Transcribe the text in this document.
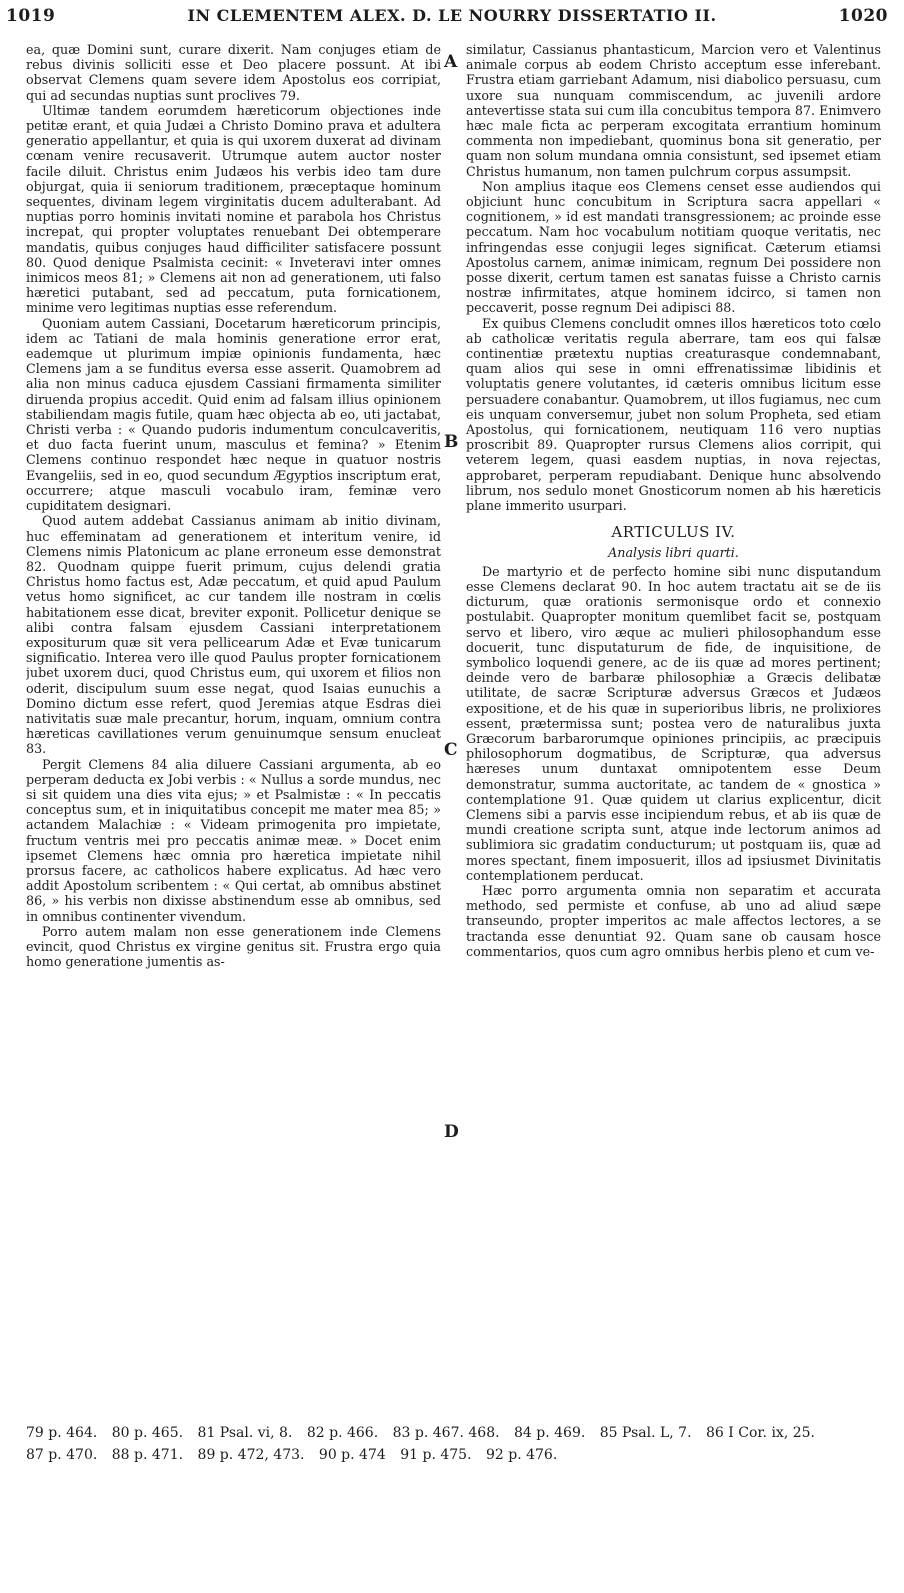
1019	IN CLEMENTEM ALEX. D. LE NOURRY DISSERTATIO II.	1020
A
B
C
D

ea, quæ Domini sunt, curare dixerit. Nam conjuges etiam de rebus divinis solliciti esse et Deo placere possunt. At ibi observat Clemens quam severe idem Apostolus eos corripiat, qui ad secundas nuptias sunt proclives 79.

Ultimæ tandem eorumdem hæreticorum objectiones inde petitæ erant, et quia Judæi a Christo Domino prava et adultera generatio appellantur, et quia is qui uxorem duxerat ad divinam cœnam venire recusaverit. Utrumque autem auctor noster facile diluit. Christus enim Judæos his verbis ideo tam dure objurgat, quia ii seniorum traditionem, præceptaque hominum sequentes, divinam legem virginitatis ducem adulterabant. Ad nuptias porro hominis invitati nomine et parabola hos Christus increpat, qui propter voluptates renuebant Dei obtemperare mandatis, quibus conjuges haud difficiliter satisfacere possunt 80. Quod denique Psalmista cecinit: « Inveteravi inter omnes inimicos meos 81; » Clemens ait non ad generationem, uti falso hæretici putabant, sed ad peccatum, puta fornicationem, minime vero legitimas nuptias esse referendum.

Quoniam autem Cassiani, Docetarum hæreticorum principis, idem ac Tatiani de mala hominis generatione error erat, eademque ut plurimum impiæ opinionis fundamenta, hæc Clemens jam a se funditus eversa esse asserit. Quamobrem ad alia non minus caduca ejusdem Cassiani firmamenta similiter diruenda propius accedit. Quid enim ad falsam illius opinionem stabiliendam magis futile, quam hæc objecta ab eo, uti jactabat, Christi verba : « Quando pudoris indumentum conculcaveritis, et duo facta fuerint unum, masculus et femina? » Etenim Clemens continuo respondet hæc neque in quatuor nostris Evangeliis, sed in eo, quod secundum Ægyptios inscriptum erat, occurrere; atque masculi vocabulo iram, feminæ vero cupiditatem designari.

Quod autem addebat Cassianus animam ab initio divinam, huc effeminatam ad generationem et interitum venire, id Clemens nimis Platonicum ac plane erroneum esse demonstrat 82. Quodnam quippe fuerit primum, cujus delendi gratia Christus homo factus est, Adæ peccatum, et quid apud Paulum vetus homo significet, ac cur tandem ille nostram in cœlis habitationem esse dicat, breviter exponit. Pollicetur denique se alibi contra falsam ejusdem Cassiani interpretationem expositurum quæ sit vera pellicearum Adæ et Evæ tunicarum significatio. Interea vero ille quod Paulus propter fornicationem jubet uxorem duci, quod Christus eum, qui uxorem et filios non oderit, discipulum suum esse negat, quod Isaias eunuchis a Domino dictum esse refert, quod Jeremias atque Esdras diei nativitatis suæ male precantur, horum, inquam, omnium contra hæreticas cavillationes verum genuinumque sensum enucleat 83.

Pergit Clemens 84 alia diluere Cassiani argumenta, ab eo perperam deducta ex Jobi verbis : « Nullus a sorde mundus, nec si sit quidem una dies vita ejus; » et Psalmistæ : « In peccatis conceptus sum, et in iniquitatibus concepit me mater mea 85; » actandem Malachiæ : « Videam primogenita pro impietate, fructum ventris mei pro peccatis animæ meæ. » Docet enim ipsemet Clemens hæc omnia pro hæretica impietate nihil prorsus facere, ac catholicos habere explicatus. Ad hæc vero addit Apostolum scribentem : « Qui certat, ab omnibus abstinet 86, » his verbis non dixisse abstinendum esse ab omnibus, sed in omnibus continenter vivendum.

Porro autem malam non esse generationem inde Clemens evincit, quod Christus ex virgine genitus sit. Frustra ergo quia homo generatione jumentis as-

similatur, Cassianus phantasticum, Marcion vero et Valentinus animale corpus ab eodem Christo acceptum esse inferebant. Frustra etiam garriebant Adamum, nisi diabolico persuasu, cum uxore sua nunquam commiscendum, ac juvenili ardore antevertisse stata sui cum illa concubitus tempora 87. Enimvero hæc male ficta ac perperam excogitata errantium hominum commenta non impediebant, quominus bona sit generatio, per quam non solum mundana omnia consistunt, sed ipsemet etiam Christus humanum, non tamen pulchrum corpus assumpsit.

Non amplius itaque eos Clemens censet esse audiendos qui objiciunt hunc concubitum in Scriptura sacra appellari « cognitionem, » id est mandati transgressionem; ac proinde esse peccatum. Nam hoc vocabulum notitiam quoque veritatis, nec infringendas esse conjugii leges significat. Cæterum etiamsi Apostolus carnem, animæ inimicam, regnum Dei possidere non posse dixerit, certum tamen est sanatas fuisse a Christo carnis nostræ infirmitates, atque hominem idcirco, si tamen non peccaverit, posse regnum Dei adipisci 88.

Ex quibus Clemens concludit omnes illos hæreticos toto cœlo ab catholicæ veritatis regula aberrare, tam eos qui falsæ continentiæ prætextu nuptias creaturasque condemnabant, quam alios qui sese in omni effrenatissimæ libidinis et voluptatis genere volutantes, id cæteris omnibus licitum esse persuadere conabantur. Quamobrem, ut illos fugiamus, nec cum eis unquam conversemur, jubet non solum Propheta, sed etiam Apostolus, qui fornicationem, neutiquam 116 vero nuptias proscribit 89. Quapropter rursus Clemens alios corripit, qui veterem legem, quasi easdem nuptias, in nova rejectas, approbaret, perperam repudiabant. Denique hunc absolvendo librum, nos sedulo monet Gnosticorum nomen ab his hæreticis plane immerito usurpari.

ARTICULUS IV.
Analysis libri quarti.

De martyrio et de perfecto homine sibi nunc disputandum esse Clemens declarat 90. In hoc autem tractatu ait se de iis dicturum, quæ orationis sermonisque ordo et connexio postulabit. Quapropter monitum quemlibet facit se, postquam servo et libero, viro æque ac mulieri philosophandum esse docuerit, tunc disputaturum de fide, de inquisitione, de symbolico loquendi genere, ac de iis quæ ad mores pertinent; deinde vero de barbaræ philosophiæ a Græcis delibatæ utilitate, de sacræ Scripturæ adversus Græcos et Judæos expositione, et de his quæ in superioribus libris, ne prolixiores essent, prætermissa sunt; postea vero de naturalibus juxta Græcorum barbarorumque opiniones principiis, ac præcipuis philosophorum dogmatibus, de Scripturæ, qua adversus hæreses unum duntaxat omnipotentem esse Deum demonstratur, summa auctoritate, ac tandem de « gnostica » contemplatione 91. Quæ quidem ut clarius explicentur, dicit Clemens sibi a parvis esse incipiendum rebus, et ab iis quæ de mundi creatione scripta sunt, atque inde lectorum animos ad sublimiora sic gradatim conducturum; ut postquam iis, quæ ad mores spectant, finem imposuerit, illos ad ipsiusmet Divinitatis contemplationem perducat.

Hæc porro argumenta omnia non separatim et accurata methodo, sed permiste et confuse, ab uno ad aliud sæpe transeundo, propter imperitos ac male affectos lectores, a se tractanda esse denuntiat 92. Quam sane ob causam hosce commentarios, quos cum agro omnibus herbis pleno et cum ve-

79 p. 464. 80 p. 465. 81 Psal. vi, 8. 82 p. 466. 83 p. 467. 468. 84 p. 469. 85 Psal. L, 7. 86 I Cor. ix, 25.
87 p. 470. 88 p. 471. 89 p. 472, 473. 90 p. 474 91 p. 475. 92 p. 476.
